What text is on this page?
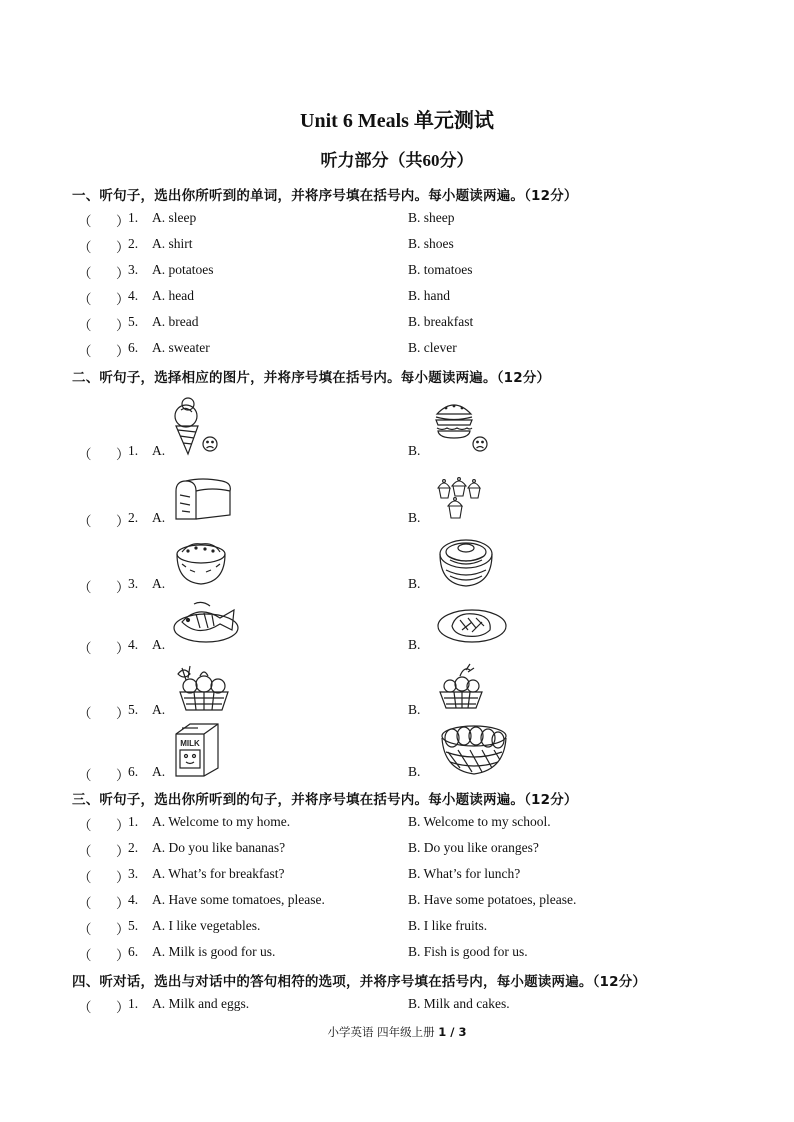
Unit 6 Meals 单元测试
听力部分（共60分）
一、听句子，选出你所听到的单词，并将序号填在括号内。每小题读两遍。（12分）
（ ）
1. A. sleep	B. sheep
（ ）
2. A. shirt	B. shoes
（ ）
3. A. potatoes	B. tomatoes
（ ）
4. A. head	B. hand
（ ）
5. A. bread	B. breakfast
（ ）
6. A. sweater	B. clever
二、听句子，选择相应的图片，并将序号填在括号内。每小题读两遍。（12分）
（ ）
1. A.	B.
（ ）
2. A.	B.
（ ）
3. A.	B.
（ ）
4. A.	B.
（ ）
5. A.	B.
（ ）
6. A.	B.
MILK
三、听句子，选出你所听到的句子，并将序号填在括号内。每小题读两遍。（12分）
（ ）
1. A. Welcome to my home.	B. Welcome to my school.
（ ）
2. A. Do you like bananas?	B. Do you like oranges?
（ ）
3. A. What’s for breakfast?	B. What’s for lunch?
（ ）
4. A. Have some tomatoes, please.	B. Have some potatoes, please.
（ ）
5. A. I like vegetables.	B. I like fruits.
（ ）
6. A. Milk is good for us.	B. Fish is good for us.
四、听对话，选出与对话中的答句相符的选项，并将序号填在括号内，每小题读两遍。（12分）
（ ）
1. A. Milk and eggs.	B. Milk and cakes.
小学英语 四年级上册 1 / 3
